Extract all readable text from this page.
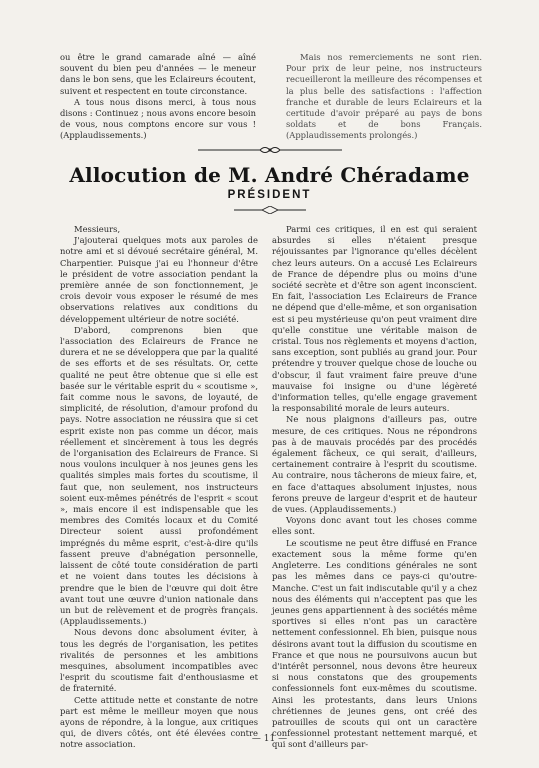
ou être le grand camarade aîné — aîné souvent du bien peu d'années — le meneur dans le bon sens, que les Eclaireurs écoutent, suivent et respectent en toute circonstance.

A tous nous disons merci, à tous nous disons : Continuez ; nous avons encore besoin de vous, nous comptons encore sur vous ! (Applaudissements.)

Mais nos remerciements ne sont rien. Pour prix de leur peine, nos instructeurs recueilleront la meilleure des récompenses et la plus belle des satisfactions : l'affection franche et durable de leurs Eclaireurs et la certitude d'avoir préparé au pays de bons soldats et de bons Français. (Applaudissements prolongés.)

Allocution de M. André Chéradame
PRÉSIDENT

Messieurs,

J'ajouterai quelques mots aux paroles de notre ami et si dévoué secrétaire général, M. Charpentier. Puisque j'ai eu l'honneur d'être le président de votre association pendant la première année de son fonctionnement, je crois devoir vous exposer le résumé de mes observations relatives aux conditions du développement ultérieur de notre société.

D'abord, comprenons bien que l'association des Eclaireurs de France ne durera et ne se développera que par la qualité de ses efforts et de ses résultats. Or, cette qualité ne peut être obtenue que si elle est basée sur le véritable esprit du « scoutisme », fait comme nous le savons, de loyauté, de simplicité, de résolution, d'amour profond du pays. Notre association ne réussira que si cet esprit existe non pas comme un décor, mais réellement et sincèrement à tous les degrés de l'organisation des Eclaireurs de France. Si nous voulons inculquer à nos jeunes gens les qualités simples mais fortes du scoutisme, il faut que, non seulement, nos instructeurs soient eux-mêmes pénétrés de l'esprit « scout », mais encore il est indispensable que les membres des Comités locaux et du Comité Directeur soient aussi profondément imprégnés du même esprit, c'est-à-dire qu'ils fassent preuve d'abnégation personnelle, laissent de côté toute considération de parti et ne voient dans toutes les décisions à prendre que le bien de l'œuvre qui doit être avant tout une œuvre d'union nationale dans un but de relèvement et de progrès français. (Applaudissements.)

Nous devons donc absolument éviter, à tous les degrés de l'organisation, les petites rivalités de personnes et les ambitions mesquines, absolument incompatibles avec l'esprit du scoutisme fait d'enthousiasme et de fraternité.

Cette attitude nette et constante de notre part est même le meilleur moyen que nous ayons de répondre, à la longue, aux critiques qui, de divers côtés, ont été élevées contre notre association.

Parmi ces critiques, il en est qui seraient absurdes si elles n'étaient presque réjouissantes par l'ignorance qu'elles décèlent chez leurs auteurs. On a accusé Les Eclaireurs de France de dépendre plus ou moins d'une société secrète et d'être son agent inconscient. En fait, l'association Les Eclaireurs de France ne dépend que d'elle-même, et son organisation est si peu mystérieuse qu'on peut vraiment dire qu'elle constitue une véritable maison de cristal. Tous nos règlements et moyens d'action, sans exception, sont publiés au grand jour. Pour prétendre y trouver quelque chose de louche ou d'obscur, il faut vraiment faire preuve d'une mauvaise foi insigne ou d'une légèreté d'information telles, qu'elle engage gravement la responsabilité morale de leurs auteurs.

Ne nous plaignons d'ailleurs pas, outre mesure, de ces critiques. Nous ne répondrons pas à de mauvais procédés par des procédés également fâcheux, ce qui serait, d'ailleurs, certainement contraire à l'esprit du scoutisme. Au contraire, nous tâcherons de mieux faire, et, en face d'attaques absolument injustes, nous ferons preuve de largeur d'esprit et de hauteur de vues. (Applaudissements.)

Voyons donc avant tout les choses comme elles sont.

Le scoutisme ne peut être diffusé en France exactement sous la même forme qu'en Angleterre. Les conditions générales ne sont pas les mêmes dans ce pays-ci qu'outre-Manche. C'est un fait indiscutable qu'il y a chez nous des éléments qui n'acceptent pas que les jeunes gens appartiennent à des sociétés même sportives si elles n'ont pas un caractère nettement confessionnel. Eh bien, puisque nous désirons avant tout la diffusion du scoutisme en France et que nous ne poursuivons aucun but d'intérêt personnel, nous devons être heureux si nous constatons que des groupements confessionnels font eux-mêmes du scoutisme. Ainsi les protestants, dans leurs Unions chrétiennes de jeunes gens, ont créé des patrouilles de scouts qui ont un caractère confessionnel protestant nettement marqué, et qui sont d'ailleurs par-

— 11 —
